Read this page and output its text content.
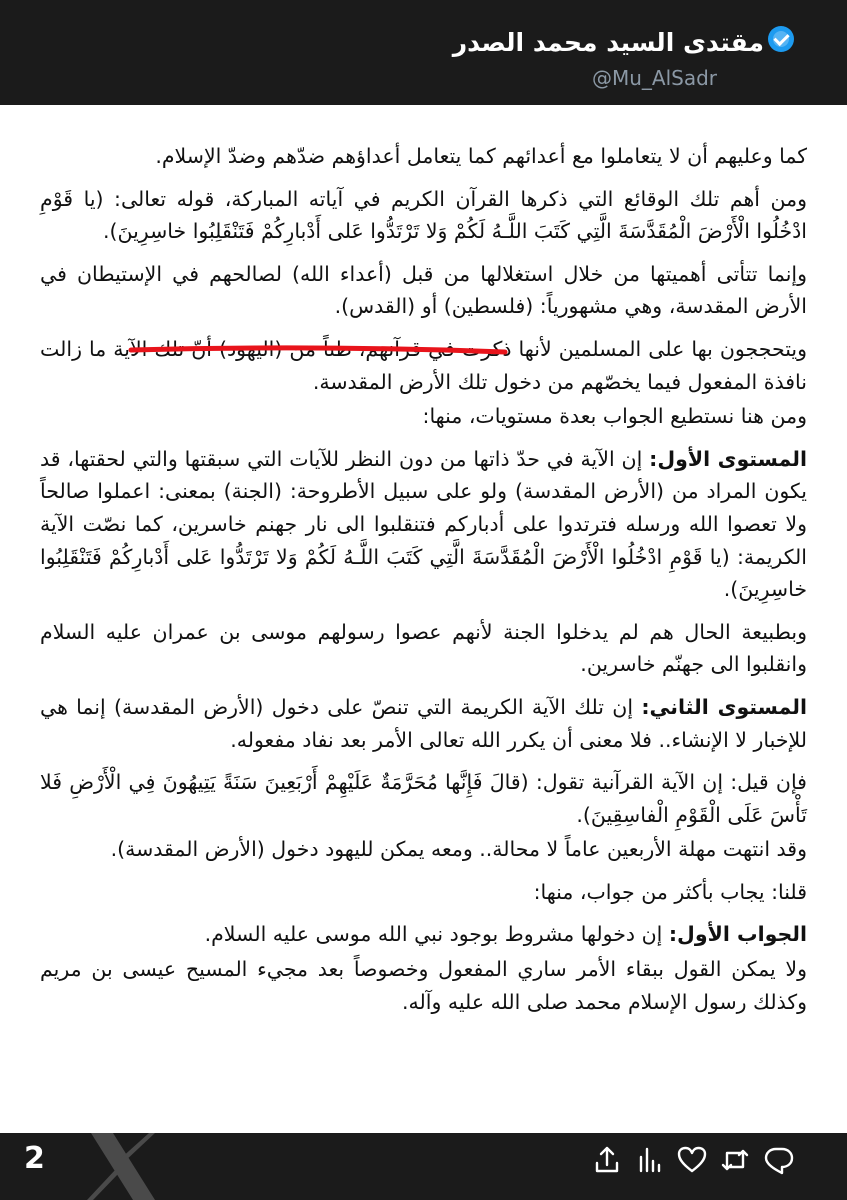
مقتدى السيد محمد الصدر
@Mu_AlSadr

كما وعليهم أن لا يتعاملوا مع أعدائهم كما يتعامل أعداؤهم ضدّهم وضدّ الإسلام.

ومن أهم تلك الوقائع التي ذكرها القرآن الكريم في آياته المباركة، قوله تعالى: (يا قَوْمِ ادْخُلُوا الْأَرْضَ الْمُقَدَّسَةَ الَّتِي كَتَبَ اللَّـهُ لَكُمْ وَلا تَرْتَدُّوا عَلى أَدْبارِكُمْ فَتَنْقَلِبُوا خاسِرِينَ).

وإنما تتأتى أهميتها من خلال استغلالها من قبل (أعداء الله) لصالحهم في الإستيطان في الأرض المقدسة، وهي مشهورياً: (فلسطين) أو (القدس).

ويتحججون بها على المسلمين لأنها ذكرت في قرآنهم، ظناً من (اليهود) أنّ تلك الآية ما زالت نافذة المفعول فيما يخصّهم من دخول تلك الأرض المقدسة.

ومن هنا نستطيع الجواب بعدة مستويات، منها:

المستوى الأول: إن الآية في حدّ ذاتها من دون النظر للآيات التي سبقتها والتي لحقتها، قد يكون المراد من (الأرض المقدسة) ولو على سبيل الأطروحة: (الجنة) بمعنى: اعملوا صالحاً ولا تعصوا الله ورسله فترتدوا على أدباركم فتنقلبوا الى نار جهنم خاسرين، كما نصّت الآية الكريمة: (يا قَوْمِ ادْخُلُوا الْأَرْضَ الْمُقَدَّسَةَ الَّتِي كَتَبَ اللَّـهُ لَكُمْ وَلا تَرْتَدُّوا عَلى أَدْبارِكُمْ فَتَنْقَلِبُوا خاسِرِينَ).

وبطبيعة الحال هم لم يدخلوا الجنة لأنهم عصوا رسولهم موسى بن عمران عليه السلام وانقلبوا الى جهنّم خاسرين.

المستوى الثاني: إن تلك الآية الكريمة التي تنصّ على دخول (الأرض المقدسة) إنما هي للإخبار لا الإنشاء.. فلا معنى أن يكرر الله تعالى الأمر بعد نفاد مفعوله.

فإن قيل: إن الآية القرآنية تقول: (قالَ فَإِنَّها مُحَرَّمَةٌ عَلَيْهِمْ أَرْبَعِينَ سَنَةً يَتِيهُونَ فِي الْأَرْضِ فَلا تَأْسَ عَلَى الْقَوْمِ الْفاسِقِينَ).

وقد انتهت مهلة الأربعين عاماً لا محالة.. ومعه يمكن لليهود دخول (الأرض المقدسة).

قلنا: يجاب بأكثر من جواب، منها:

الجواب الأول: إن دخولها مشروط بوجود نبي الله موسى عليه السلام.

ولا يمكن القول ببقاء الأمر ساري المفعول وخصوصاً بعد مجيء المسيح عيسى بن مريم وكذلك رسول الإسلام محمد صلى الله عليه وآله.

2
